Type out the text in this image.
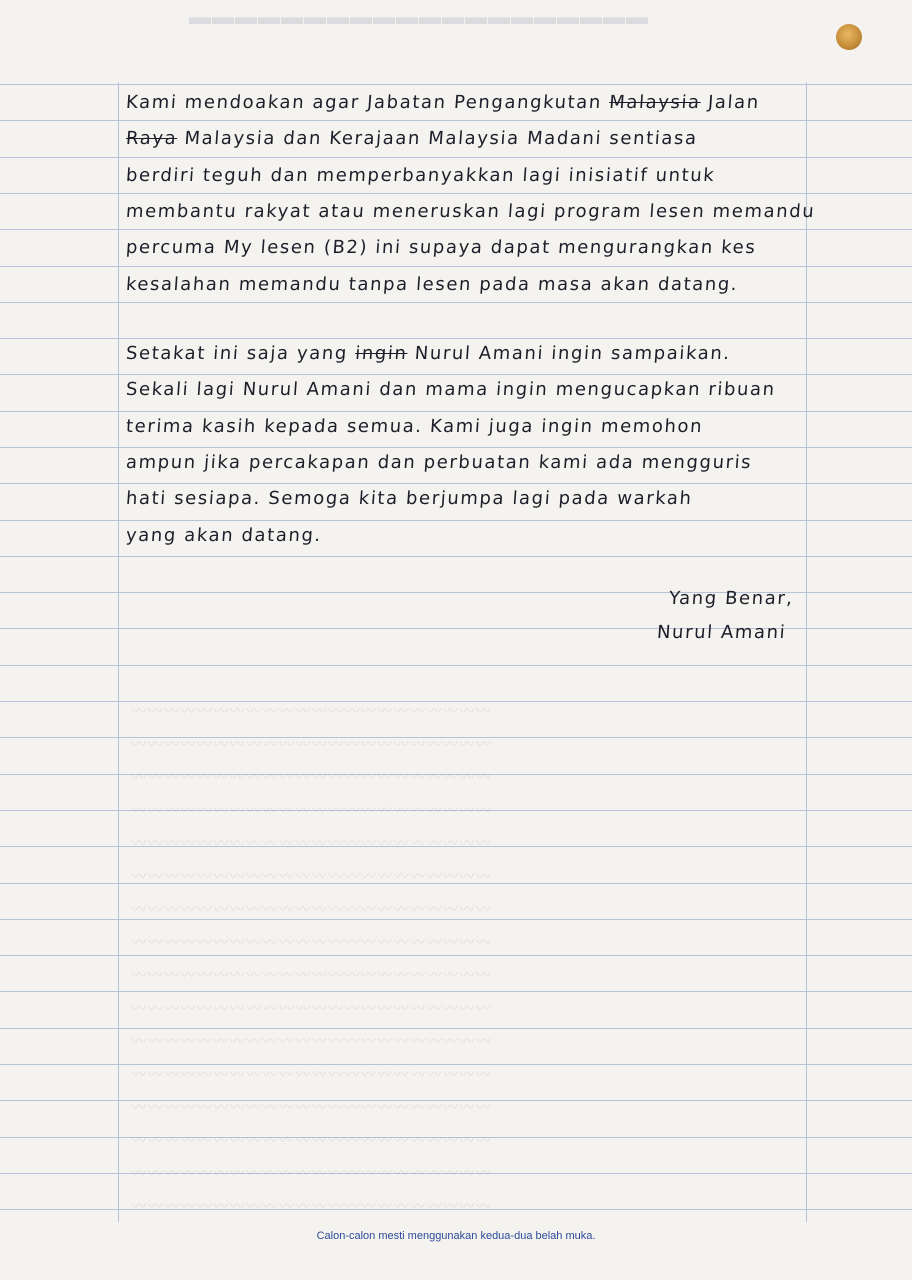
▬▬▬▬▬▬▬▬▬▬▬▬▬▬▬▬▬▬▬▬
〰〰〰〰〰〰〰〰〰〰〰〰〰〰〰〰〰〰〰〰〰〰
〰〰〰〰〰〰〰〰〰〰〰〰〰〰〰〰〰〰〰〰〰〰
〰〰〰〰〰〰〰〰〰〰〰〰〰〰〰〰〰〰〰〰〰〰
〰〰〰〰〰〰〰〰〰〰〰〰〰〰〰〰〰〰〰〰〰〰
〰〰〰〰〰〰〰〰〰〰〰〰〰〰〰〰〰〰〰〰〰〰
〰〰〰〰〰〰〰〰〰〰〰〰〰〰〰〰〰〰〰〰〰〰
〰〰〰〰〰〰〰〰〰〰〰〰〰〰〰〰〰〰〰〰〰〰
〰〰〰〰〰〰〰〰〰〰〰〰〰〰〰〰〰〰〰〰〰〰
〰〰〰〰〰〰〰〰〰〰〰〰〰〰〰〰〰〰〰〰〰〰
〰〰〰〰〰〰〰〰〰〰〰〰〰〰〰〰〰〰〰〰〰〰
〰〰〰〰〰〰〰〰〰〰〰〰〰〰〰〰〰〰〰〰〰〰
〰〰〰〰〰〰〰〰〰〰〰〰〰〰〰〰〰〰〰〰〰〰
〰〰〰〰〰〰〰〰〰〰〰〰〰〰〰〰〰〰〰〰〰〰
〰〰〰〰〰〰〰〰〰〰〰〰〰〰〰〰〰〰〰〰〰〰
〰〰〰〰〰〰〰〰〰〰〰〰〰〰〰〰〰〰〰〰〰〰
〰〰〰〰〰〰〰〰〰〰〰〰〰〰〰〰〰〰〰〰〰〰
Kami mendoakan agar Jabatan Pengangkutan Malaysia Jalan
Raya Malaysia dan Kerajaan Malaysia Madani sentiasa
berdiri teguh dan memperbanyakkan lagi inisiatif untuk
membantu rakyat atau meneruskan lagi program lesen memandu
percuma My lesen (B2) ini supaya dapat mengurangkan kes
kesalahan memandu tanpa lesen pada masa akan datang.
Setakat ini saja yang ingin Nurul Amani ingin sampaikan.
Sekali lagi Nurul Amani dan mama ingin mengucapkan ribuan
terima kasih kepada semua. Kami juga ingin memohon
ampun jika percakapan dan perbuatan kami ada mengguris
hati sesiapa. Semoga kita berjumpa lagi pada warkah
yang akan datang.
Yang Benar,
Nurul Amani
Calon-calon mesti menggunakan kedua-dua belah muka.
